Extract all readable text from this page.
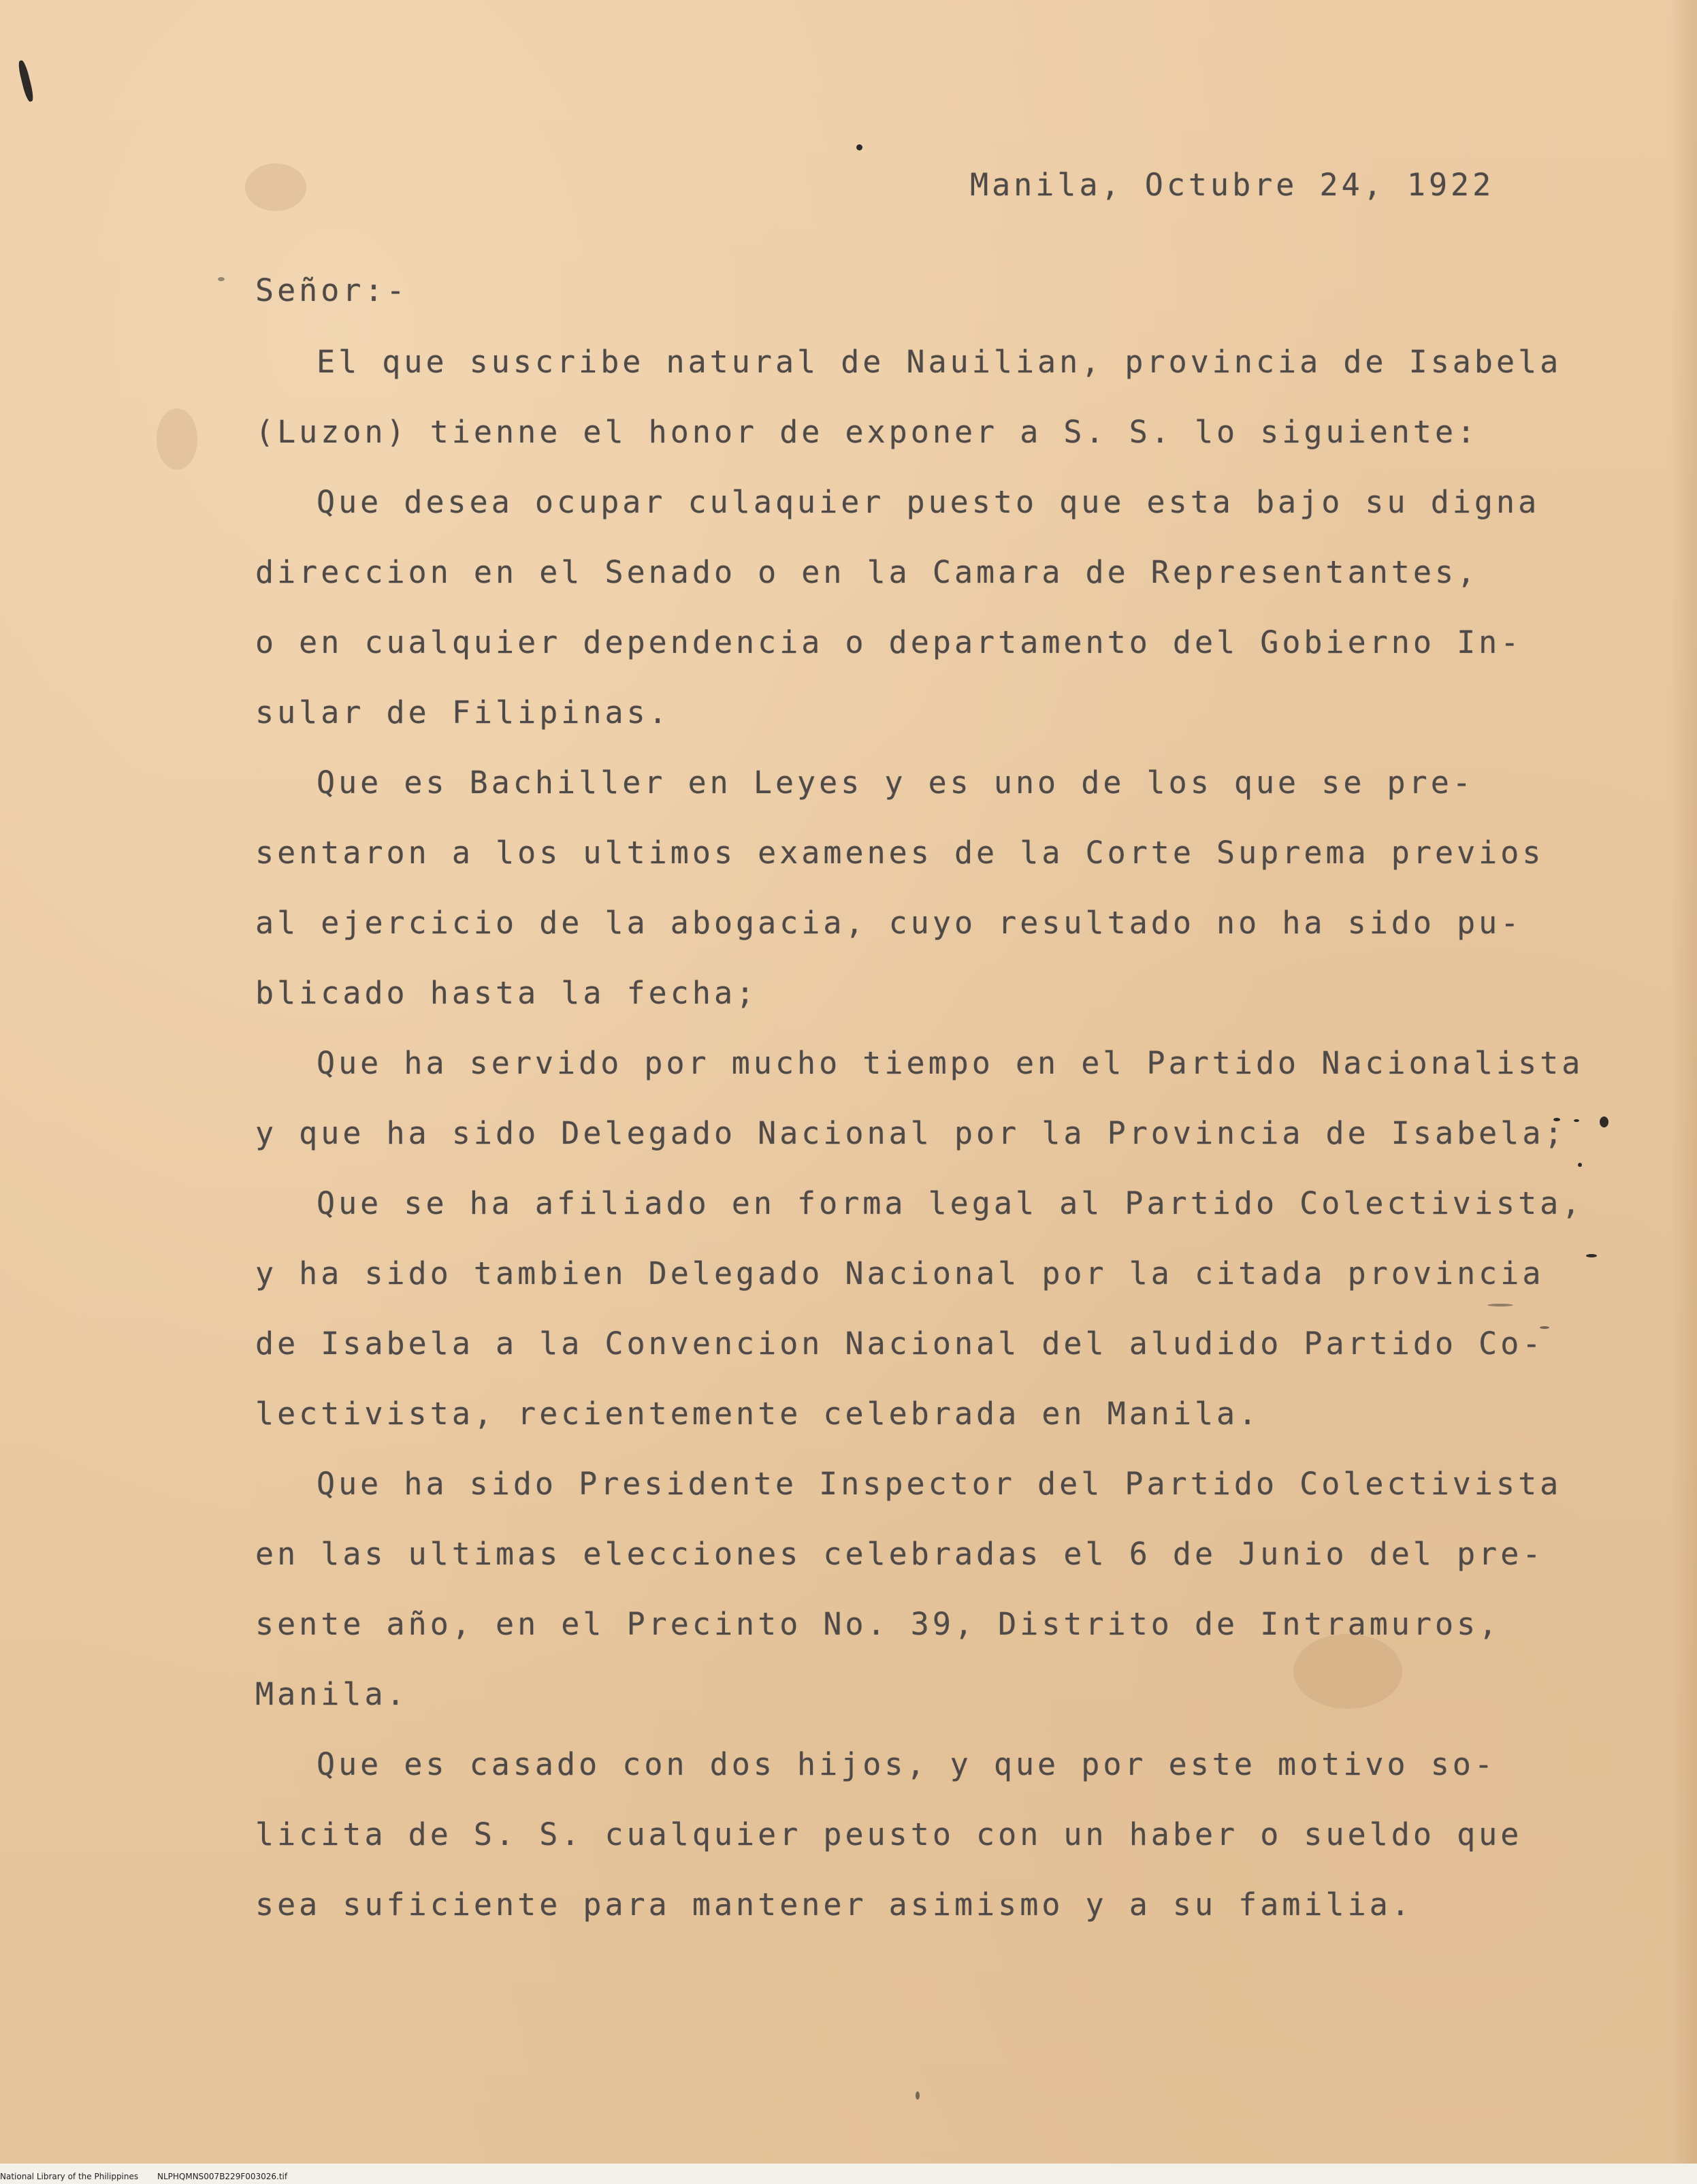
Manila, Octubre 24, 1922
Señor:-
El que suscribe natural de Nauilian, provincia de Isabela
(Luzon) tienne el honor de exponer a S. S. lo siguiente:
Que desea ocupar culaquier puesto que esta bajo su digna
direccion en el Senado o en la Camara de Representantes,
o en cualquier dependencia o departamento del Gobierno In-
sular de Filipinas.
Que es Bachiller en Leyes y es uno de los que se pre-
sentaron a los ultimos examenes de la Corte Suprema previos
al ejercicio de la abogacia, cuyo resultado no ha sido pu-
blicado hasta la fecha;
Que ha servido por mucho tiempo en el Partido Nacionalista
y que ha sido Delegado Nacional por la Provincia de Isabela;
Que se ha afiliado en forma legal al Partido Colectivista,
y ha sido tambien Delegado Nacional por la citada provincia
de Isabela a la Convencion Nacional del aludido Partido Co-
lectivista, recientemente celebrada en Manila.
Que ha sido Presidente Inspector del Partido Colectivista
en las ultimas elecciones celebradas el 6 de Junio del pre-
sente año, en el Precinto No. 39, Distrito de Intramuros,
Manila.
Que es casado con dos hijos, y que por este motivo so-
licita de S. S. cualquier peusto con un haber o sueldo que
sea suficiente para mantener asimismo y a su familia.
National Library of the Philippines NLPHQMNS007B229F003026.tif
